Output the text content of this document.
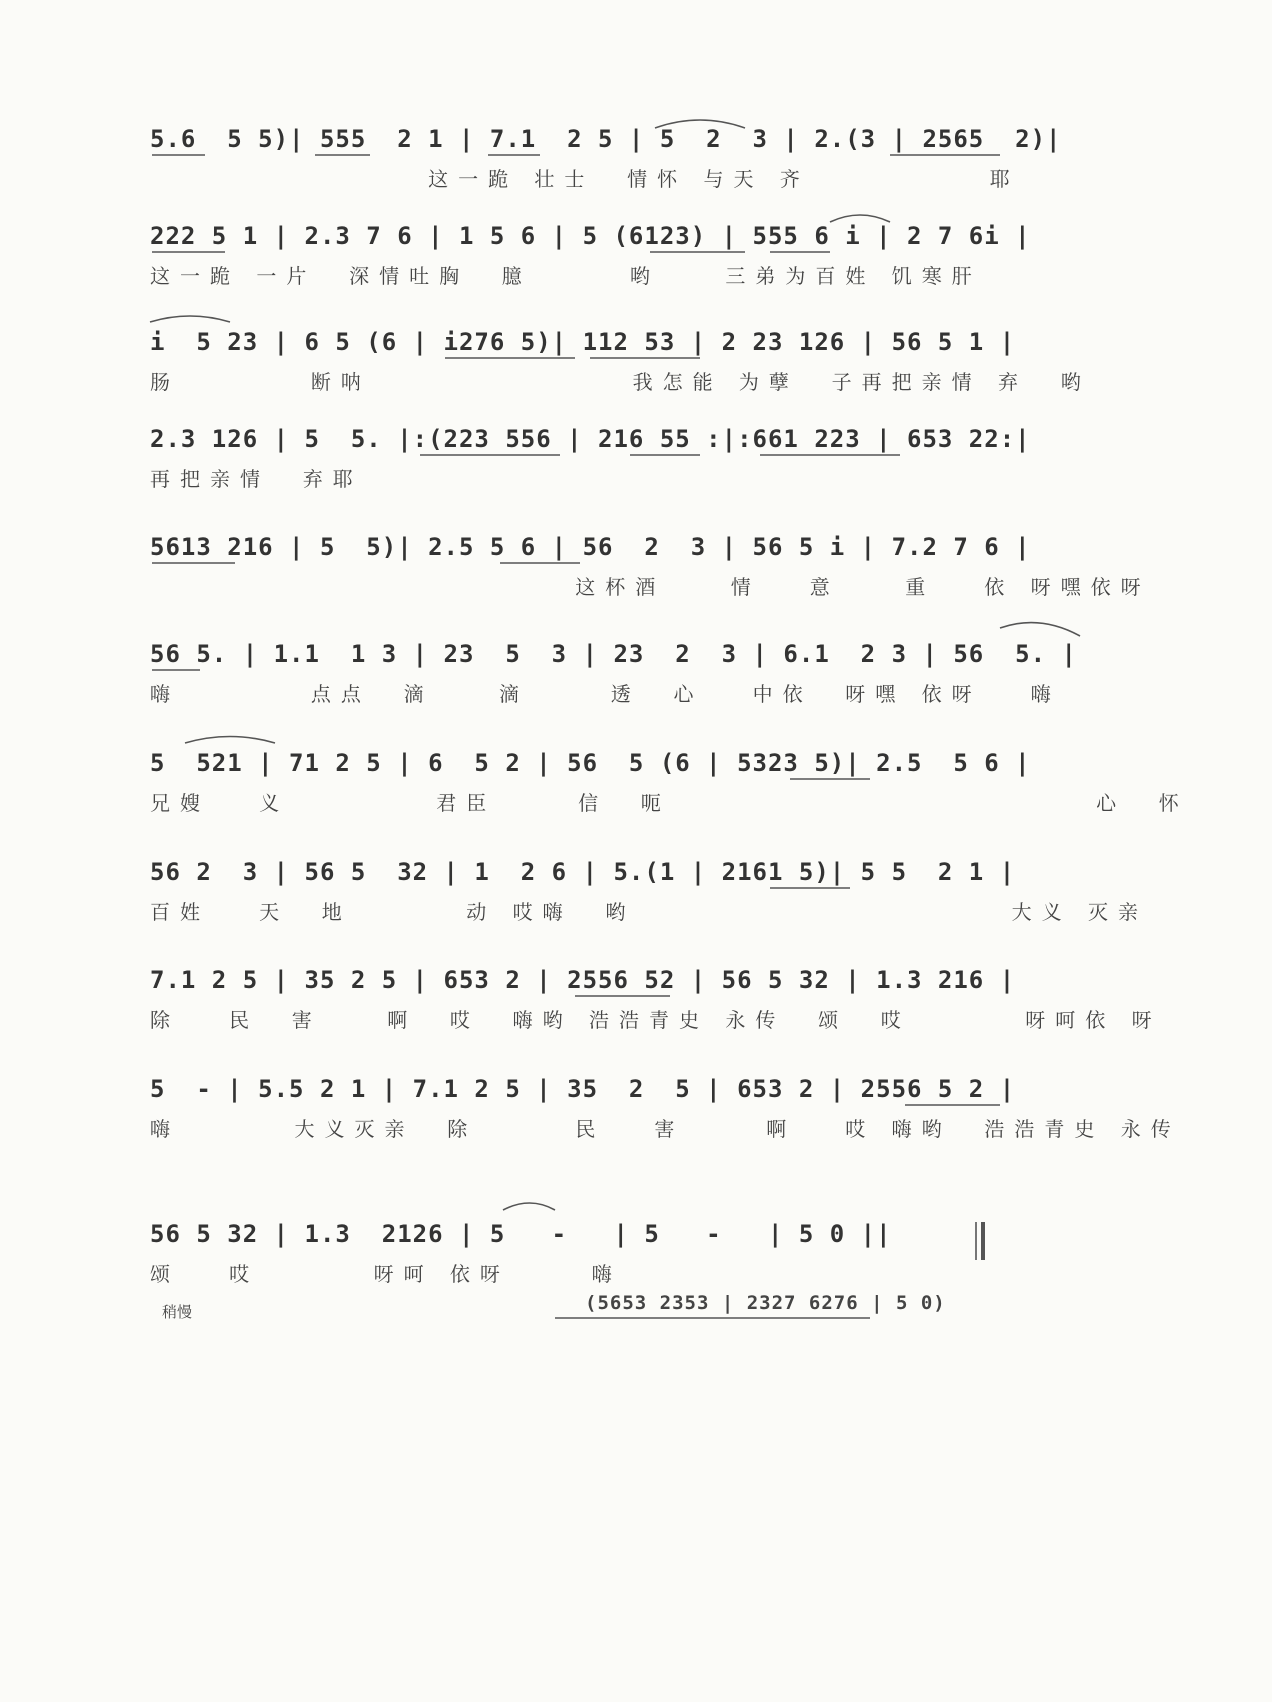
5.6  5 5)| 555  2 1 | 7.1  2 5 | 5  2  3 | 2.(3 | 2565  2)|
这一跪 壮士  情怀 与天 齐           耶
222 5 1 | 2.3 7 6 | 1 5 6 | 5 (6123) | 555 6 i | 2 7 6i |
这一跪 一片  深情吐胸  臆      哟    三弟为百姓 饥寒肝
i  5 23 | 6 5 (6 | i276 5)| 112 53 | 2 23 126 | 56 5 1 |
肠        断呐                我怎能 为孽  子再把亲情 弃  哟
2.3 126 | 5  5. |:(223 556 | 216 55 :|:661 223 | 653 22:|
再把亲情  弃耶
5613 216 | 5  5)| 2.5 5 6 | 56  2  3 | 56 5 i | 7.2 7 6 |
这杯酒    情   意    重   依 呀嘿依呀
56 5. | 1.1  1 3 | 23  5  3 | 23  2  3 | 6.1  2 3 | 56  5. |
嗨        点点  滴    滴     透  心   中依  呀嘿 依呀   嗨
5  521 | 71 2 5 | 6  5 2 | 56  5 (6 | 5323 5)| 2.5  5 6 |
兄嫂   义         君臣     信  呃                          心  怀
56 2  3 | 56 5  32 | 1  2 6 | 5.(1 | 2161 5)| 5 5  2 1 |
百姓   天  地       动 哎嗨  哟                       大义 灭亲
7.1 2 5 | 35 2 5 | 653 2 | 2556 52 | 56 5 32 | 1.3 216 |
除   民  害    啊  哎  嗨哟 浩浩青史 永传  颂  哎       呀呵依 呀
5  - | 5.5 2 1 | 7.1 2 5 | 35  2  5 | 653 2 | 2556 5 2 |
嗨       大义灭亲  除      民   害     啊   哎 嗨哟  浩浩青史 永传
稍慢	(5653 2353 | 2327 6276 | 5 0)
56 5 32 | 1.3  2126 | 5   -   | 5   -   | 5 0 ||
颂   哎       呀呵 依呀     嗨
